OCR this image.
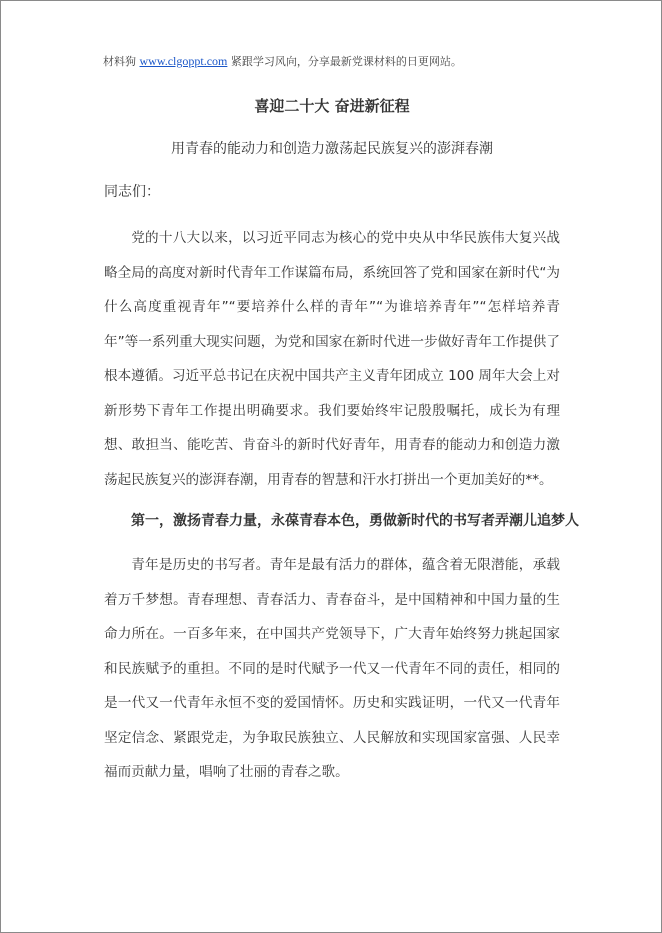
材料狗 www.clgoppt.com 紧跟学习风向，分享最新党课材料的日更网站。
喜迎二十大 奋进新征程
用青春的能动力和创造力激荡起民族复兴的澎湃春潮
同志们：

党的十八大以来，以习近平同志为核心的党中央从中华民族伟大复兴战略全局的高度对新时代青年工作谋篇布局，系统回答了党和国家在新时代“为什么高度重视青年”“要培养什么样的青年”“为谁培养青年”“怎样培养青年”等一系列重大现实问题，为党和国家在新时代进一步做好青年工作提供了根本遵循。习近平总书记在庆祝中国共产主义青年团成立 100 周年大会上对新形势下青年工作提出明确要求。我们要始终牢记殷殷嘱托，成长为有理想、敢担当、能吃苦、肯奋斗的新时代好青年，用青春的能动力和创造力激荡起民族复兴的澎湃春潮，用青春的智慧和汗水打拼出一个更加美好的**。

第一，激扬青春力量，永葆青春本色，勇做新时代的书写者弄潮儿追梦人

青年是历史的书写者。青年是最有活力的群体，蕴含着无限潜能，承载着万千梦想。青春理想、青春活力、青春奋斗，是中国精神和中国力量的生命力所在。一百多年来，在中国共产党领导下，广大青年始终努力挑起国家和民族赋予的重担。不同的是时代赋予一代又一代青年不同的责任，相同的是一代又一代青年永恒不变的爱国情怀。历史和实践证明，一代又一代青年坚定信念、紧跟党走，为争取民族独立、人民解放和实现国家富强、人民幸福而贡献力量，唱响了壮丽的青春之歌。
